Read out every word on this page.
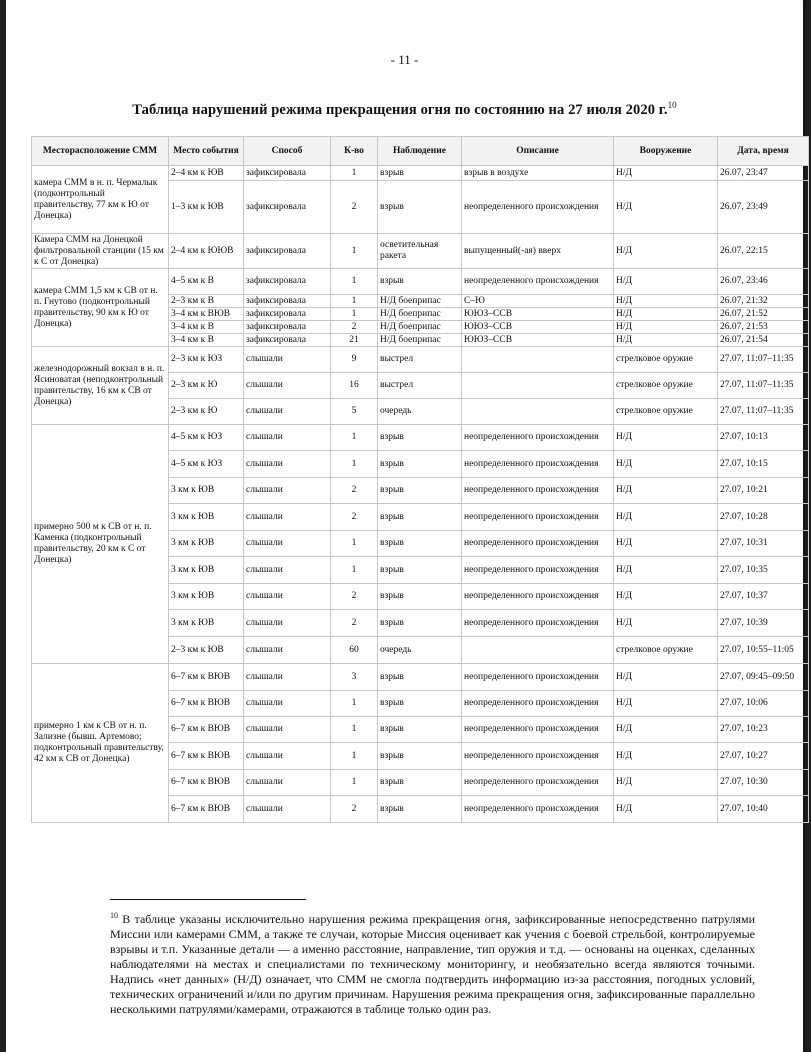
- 11 -
Таблица нарушений режима прекращения огня по состоянию на 27 июля 2020 г.$^{10}$
Месторасположение СММ	Место события	Способ	К-во	Наблюдение	Описание	Вооружение	Дата, время
камера СММ в н. п. Чермалык (подконтрольный правительству, 77 км к Ю от Донецка)	2–4 км к ЮВ	зафиксировала	1	взрыв	взрыв в воздухе	Н/Д	26.07, 23:47
	1–3 км к ЮВ	зафиксировала	2	взрыв	неопределенного происхождения	Н/Д	26.07, 23:49
Камера СММ на Донецкой фильтровальной станции (15 км к С от Донецка)	2–4 км к ЮЮВ	зафиксировала	1	осветительная ракета	выпущенный(-ая) вверх	Н/Д	26.07, 22:15
камера СММ 1,5 км к СВ от н. п. Гнутово (подконтрольный правительству, 90 км к Ю от Донецка)	4–5 км к В	зафиксировала	1	взрыв	неопределенного происхождения	Н/Д	26.07, 23:46
	2–3 км к В	зафиксировала	1	Н/Д боеприпас	С–Ю	Н/Д	26.07, 21:32
	3–4 км к ВЮВ	зафиксировала	1	Н/Д боеприпас	ЮЮЗ–ССВ	Н/Д	26.07, 21:52
	3–4 км к В	зафиксировала	2	Н/Д боеприпас	ЮЮЗ–ССВ	Н/Д	26.07, 21:53
	3–4 км к В	зафиксировала	21	Н/Д боеприпас	ЮЮЗ–ССВ	Н/Д	26.07, 21:54
железнодорожный вокзал в н. п. Ясиноватая (неподконтрольный правительству, 16 км к СВ от Донецка)	2–3 км к ЮЗ	слышали	9	выстрел		стрелковое оружие	27.07, 11:07–11:35
	2–3 км к Ю	слышали	16	выстрел		стрелковое оружие	27.07, 11:07–11:35
	2–3 км к Ю	слышали	5	очередь		стрелковое оружие	27.07, 11:07–11:35
примерно 500 м к СВ от н. п. Каменка (подконтрольный правительству, 20 км к С от Донецка)	4–5 км к ЮЗ	слышали	1	взрыв	неопределенного происхождения	Н/Д	27.07, 10:13
	4–5 км к ЮЗ	слышали	1	взрыв	неопределенного происхождения	Н/Д	27.07, 10:15
	3 км к ЮВ	слышали	2	взрыв	неопределенного происхождения	Н/Д	27.07, 10:21
	3 км к ЮВ	слышали	2	взрыв	неопределенного происхождения	Н/Д	27.07, 10:28
	3 км к ЮВ	слышали	1	взрыв	неопределенного происхождения	Н/Д	27.07, 10:31
	3 км к ЮВ	слышали	1	взрыв	неопределенного происхождения	Н/Д	27.07, 10:35
	3 км к ЮВ	слышали	2	взрыв	неопределенного происхождения	Н/Д	27.07, 10:37
	3 км к ЮВ	слышали	2	взрыв	неопределенного происхождения	Н/Д	27.07, 10:39
	2–3 км к ЮВ	слышали	60	очередь		стрелковое оружие	27.07, 10:55–11:05
примерно 1 км к СВ от н. п. Зализне (бывш. Артемово; подконтрольный правительству, 42 км к СВ от Донецка)	6–7 км к ВЮВ	слышали	3	взрыв	неопределенного происхождения	Н/Д	27.07, 09:45–09:50
	6–7 км к ВЮВ	слышали	1	взрыв	неопределенного происхождения	Н/Д	27.07, 10:06
	6–7 км к ВЮВ	слышали	1	взрыв	неопределенного происхождения	Н/Д	27.07, 10:23
	6–7 км к ВЮВ	слышали	1	взрыв	неопределенного происхождения	Н/Д	27.07, 10:27
	6–7 км к ВЮВ	слышали	1	взрыв	неопределенного происхождения	Н/Д	27.07, 10:30
	6–7 км к ВЮВ	слышали	2	взрыв	неопределенного происхождения	Н/Д	27.07, 10:40
$^{10}$ В таблице указаны исключительно нарушения режима прекращения огня, зафиксированные непосредственно патрулями Миссии или камерами СММ, а также те случаи, которые Миссия оценивает как учения с боевой стрельбой, контролируемые взрывы и т.п. Указанные детали — а именно расстояние, направление, тип оружия и т.д. — основаны на оценках, сделанных наблюдателями на местах и специалистами по техническому мониторингу, и необязательно всегда являются точными. Надпись «нет данных» (Н/Д) означает, что СММ не смогла подтвердить информацию из-за расстояния, погодных условий, технических ограничений и/или по другим причинам. Нарушения режима прекращения огня, зафиксированные параллельно несколькими патрулями/камерами, отражаются в таблице только один раз.
